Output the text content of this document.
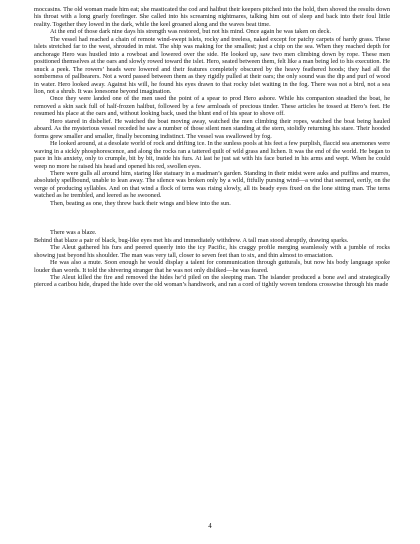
moccasins. The old woman made him eat; she masticated the cod and halibut their keepers pitched into the hold, then shoved the results down his throat with a long gnarly forefinger. She called into his screaming nightmares, talking him out of sleep and back into their foul little reality. Together they lowed in the dark, while the keel groaned along and the waves beat time.

At the end of those dark nine days his strength was restored, but not his mind. Once again he was taken on deck.

The vessel had reached a chain of remote wind-swept islets, rocky and treeless, naked except for patchy carpets of hardy grass. These islets stretched far to the west, shrouded in mist. The ship was making for the smallest; just a chip on the sea. When they reached depth for anchorage Hero was hustled into a rowboat and lowered over the side. He looked up, saw two men climbing down by rope. These men positioned themselves at the oars and slowly rowed toward the islet. Hero, seated between them, felt like a man being led to his execution. He snuck a peek. The rowers’ heads were lowered and their features completely obscured by the heavy feathered hoods; they had all the somberness of pallbearers. Not a word passed between them as they rigidly pulled at their oars; the only sound was the dip and purl of wood in water. Hero looked away. Against his will, he found his eyes drawn to that rocky islet waiting in the fog. There was not a bird, not a sea lion, not a shrub. It was lonesome beyond imagination.

Once they were landed one of the men used the point of a spear to prod Hero ashore. While his companion steadied the boat, he removed a skin sack full of half-frozen halibut, followed by a few armloads of precious tinder. These articles he tossed at Hero’s feet. He resumed his place at the oars and, without looking back, used the blunt end of his spear to shove off.

Hero stared in disbelief. He watched the boat moving away, watched the men climbing their ropes, watched the boat being hauled aboard. As the mysterious vessel receded he saw a number of those silent men standing at the stern, stolidly returning his stare. Their hooded forms grew smaller and smaller, finally becoming indistinct. The vessel was swallowed by fog.

He looked around, at a desolate world of rock and drifting ice. In the sunless pools at his feet a few purplish, flaccid sea anemones were waving in a sickly phosphorescence, and along the rocks ran a tattered quilt of wild grass and lichen. It was the end of the world. He began to pace in his anxiety, only to crumple, bit by bit, inside his furs. At last he just sat with his face buried in his arms and wept. When he could weep no more he raised his head and opened his red, swollen eyes.

There were gulls all around him, staring like statuary in a madman’s garden. Standing in their midst were auks and puffins and murres, absolutely spellbound, unable to lean away. The silence was broken only by a wild, fitfully pursing wind—a wind that seemed, eerily, on the verge of producing syllables. And on that wind a flock of terns was rising slowly, all its beady eyes fixed on the lone sitting man. The terns watched as he trembled, and leered as he swooned.

Then, beating as one, they threw back their wings and blew into the sun.

There was a blaze.

Behind that blaze a pair of black, bug-like eyes met his and immediately withdrew. A tall man stood abruptly, drawing sparks.

The Aleut gathered his furs and peered queerly into the icy Pacific, his craggy profile merging seamlessly with a jumble of rocks showing just beyond his shoulder. The man was very tall, closer to seven feet than to six, and thin almost to emaciation.

He was also a mute. Soon enough he would display a talent for communication through gutturals, but now his body language spoke louder than words. It told the shivering stranger that he was not only disliked—he was feared.

The Aleut killed the fire and removed the hides he’d piled on the sleeping man. The islander produced a bone awl and strategically pierced a caribou hide, draped the hide over the old woman’s handiwork, and ran a cord of tightly woven tendons crosswise through his made

4
